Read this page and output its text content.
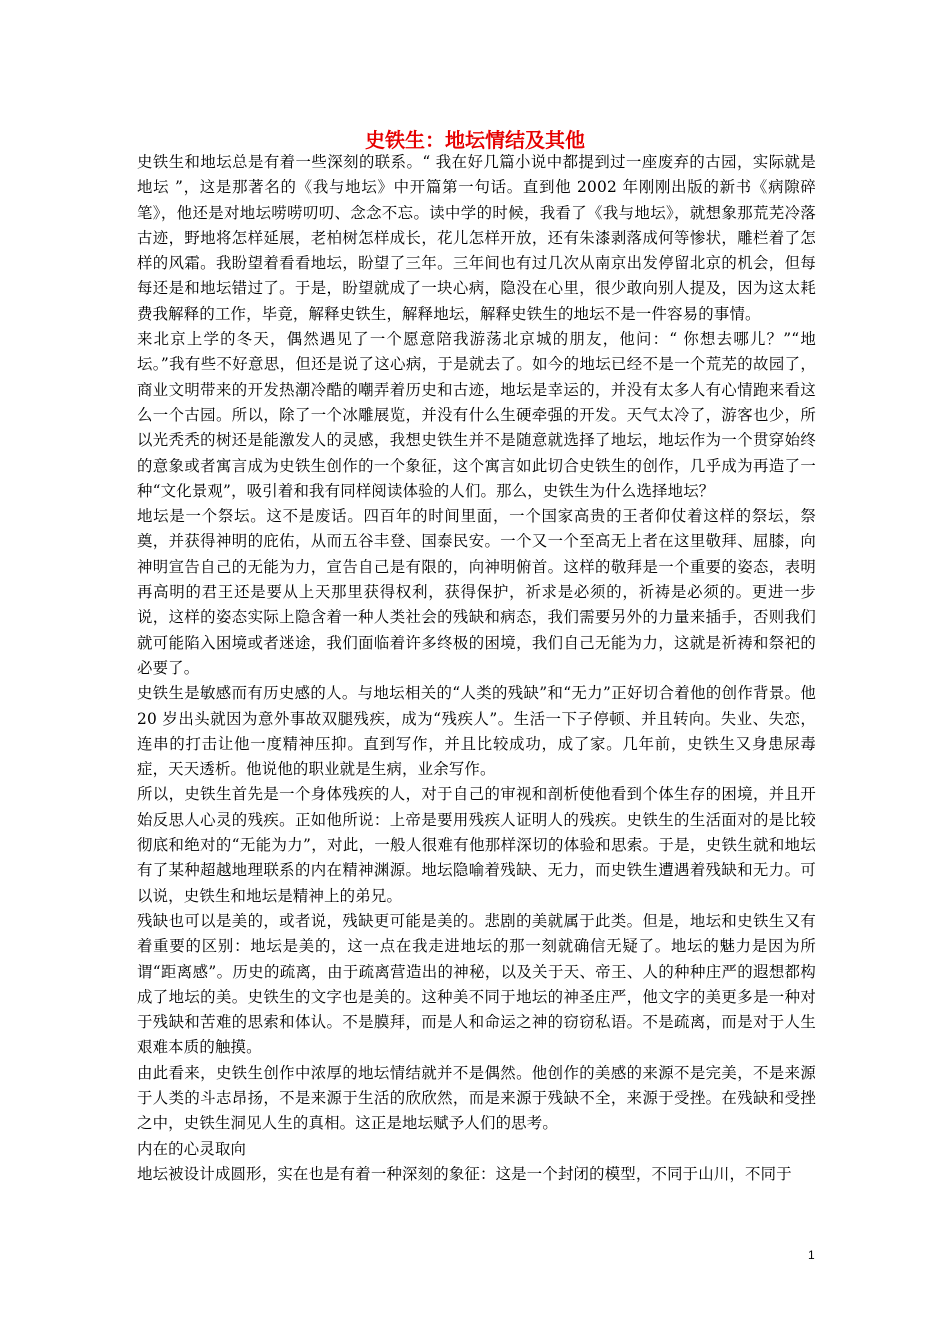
史铁生：地坛情结及其他

史铁生和地坛总是有着一些深刻的联系。“ 我在好几篇小说中都提到过一座废弃的古园，实际就是地坛 ”，这是那著名的《我与地坛》中开篇第一句话。直到他 2002 年刚刚出版的新书《病隙碎笔》，他还是对地坛唠唠叨叨、念念不忘。读中学的时候，我看了《我与地坛》，就想象那荒芜冷落古迹，野地将怎样延展，老柏树怎样成长，花儿怎样开放，还有朱漆剥落成何等惨状，雕栏着了怎样的风霜。我盼望着看看地坛，盼望了三年。三年间也有过几次从南京出发停留北京的机会，但每每还是和地坛错过了。于是，盼望就成了一块心病，隐没在心里，很少敢向别人提及，因为这太耗费我解释的工作，毕竟，解释史铁生，解释地坛，解释史铁生的地坛不是一件容易的事情。

来北京上学的冬天，偶然遇见了一个愿意陪我游荡北京城的朋友，他问：“ 你想去哪儿？”“地坛。”我有些不好意思，但还是说了这心病，于是就去了。如今的地坛已经不是一个荒芜的故园了，商业文明带来的开发热潮冷酷的嘲弄着历史和古迹，地坛是幸运的，并没有太多人有心情跑来看这么一个古园。所以，除了一个冰雕展览，并没有什么生硬牵强的开发。天气太冷了，游客也少，所以光秃秃的树还是能激发人的灵感，我想史铁生并不是随意就选择了地坛，地坛作为一个贯穿始终的意象或者寓言成为史铁生创作的一个象征，这个寓言如此切合史铁生的创作，几乎成为再造了一种“文化景观”，吸引着和我有同样阅读体验的人们。那么，史铁生为什么选择地坛？

地坛是一个祭坛。这不是废话。四百年的时间里面，一个国家高贵的王者仰仗着这样的祭坛，祭奠，并获得神明的庇佑，从而五谷丰登、国泰民安。一个又一个至高无上者在这里敬拜、屈膝，向神明宣告自己的无能为力，宣告自己是有限的，向神明俯首。这样的敬拜是一个重要的姿态，表明再高明的君王还是要从上天那里获得权利，获得保护，祈求是必须的，祈祷是必须的。更进一步说，这样的姿态实际上隐含着一种人类社会的残缺和病态，我们需要另外的力量来插手，否则我们就可能陷入困境或者迷途，我们面临着许多终极的困境，我们自己无能为力，这就是祈祷和祭祀的必要了。

史铁生是敏感而有历史感的人。与地坛相关的“人类的残缺”和“无力”正好切合着他的创作背景。他 20 岁出头就因为意外事故双腿残疾，成为“残疾人”。生活一下子停顿、并且转向。失业、失恋，连串的打击让他一度精神压抑。直到写作，并且比较成功，成了家。几年前，史铁生又身患尿毒症，天天透析。他说他的职业就是生病，业余写作。

所以，史铁生首先是一个身体残疾的人，对于自己的审视和剖析使他看到个体生存的困境，并且开始反思人心灵的残疾。正如他所说：上帝是要用残疾人证明人的残疾。史铁生的生活面对的是比较彻底和绝对的“无能为力”，对此，一般人很难有他那样深切的体验和思索。于是，史铁生就和地坛有了某种超越地理联系的内在精神渊源。地坛隐喻着残缺、无力，而史铁生遭遇着残缺和无力。可以说，史铁生和地坛是精神上的弟兄。

残缺也可以是美的，或者说，残缺更可能是美的。悲剧的美就属于此类。但是，地坛和史铁生又有着重要的区别：地坛是美的，这一点在我走进地坛的那一刻就确信无疑了。地坛的魅力是因为所谓“距离感”。历史的疏离，由于疏离营造出的神秘，以及关于天、帝王、人的种种庄严的遐想都构成了地坛的美。史铁生的文字也是美的。这种美不同于地坛的神圣庄严，他文字的美更多是一种对于残缺和苦难的思索和体认。不是膜拜，而是人和命运之神的窃窃私语。不是疏离，而是对于人生艰难本质的触摸。

由此看来，史铁生创作中浓厚的地坛情结就并不是偶然。他创作的美感的来源不是完美，不是来源于人类的斗志昂扬，不是来源于生活的欣欣然，而是来源于残缺不全，来源于受挫。在残缺和受挫之中，史铁生洞见人生的真相。这正是地坛赋予人们的思考。

内在的心灵取向

地坛被设计成圆形，实在也是有着一种深刻的象征：这是一个封闭的模型，不同于山川，不同于

1
